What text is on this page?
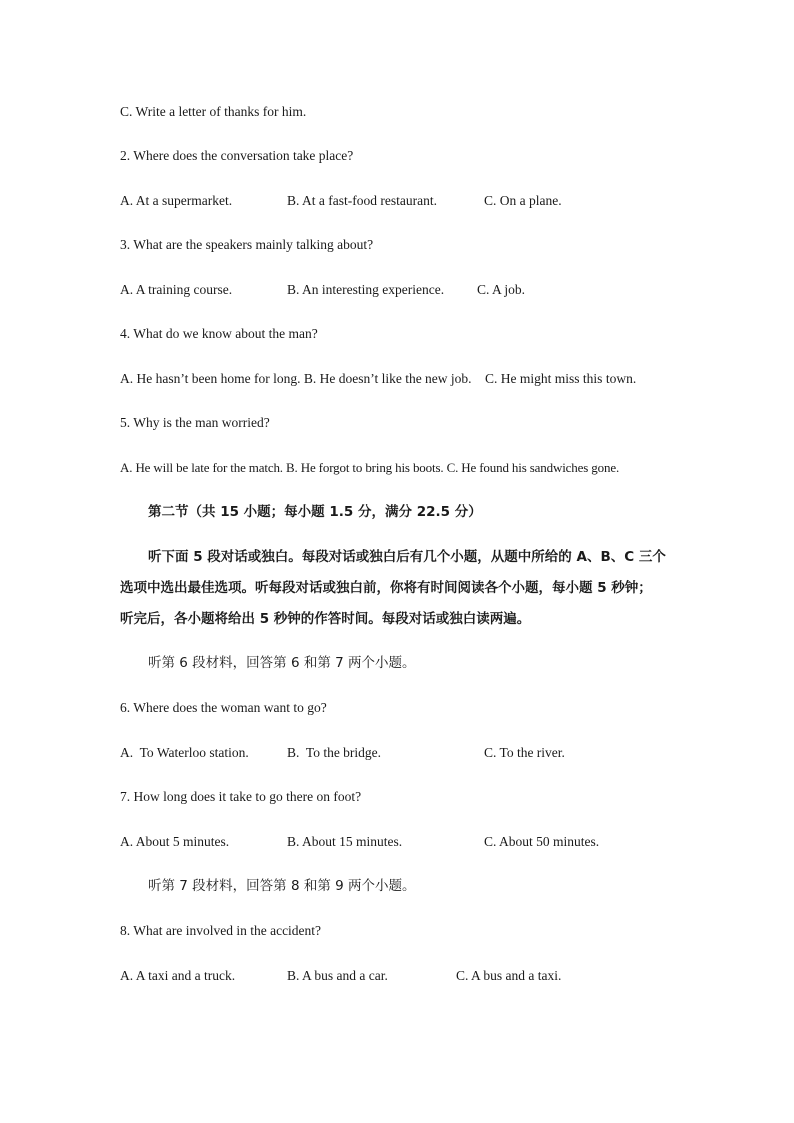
C. Write a letter of thanks for him.
2. Where does the conversation take place?

A. At a supermarket.

	B. At a fast-food restaurant.

	C. On a plane.

3. What are the speakers mainly talking about?

A. A training course.

	B. An interesting experience.

C. A job.

4. What do we know about the man?
A. He hasn’t been home for long. B. He doesn’t like the new job.    C. He might miss this town.
5. Why is the man worried?
A. He will be late for the match. B. He forgot to bring his boots. C. He found his sandwiches gone.
第二节（共 15 小题；每小题 1.5 分，满分 22.5 分）
听下面 5 段对话或独白。每段对话或独白后有几个小题，从题中所给的 A、B、C 三个
选项中选出最佳选项。听每段对话或独白前，你将有时间阅读各个小题，每小题 5 秒钟；
听完后，各小题将给出 5 秒钟的作答时间。每段对话或独白读两遍。
听第 6 段材料，回答第 6 和第 7 两个小题。
6. Where does the woman want to go?

A.  To Waterloo station.

	B.  To the bridge.

	C. To the river.

7. How long does it take to go there on foot?

A. About 5 minutes.

	B. About 15 minutes.

	C. About 50 minutes.

听第 7 段材料，回答第 8 和第 9 两个小题。
8. What are involved in the accident?

A. A taxi and a truck.

	B. A bus and a car.

	C. A bus and a taxi.
